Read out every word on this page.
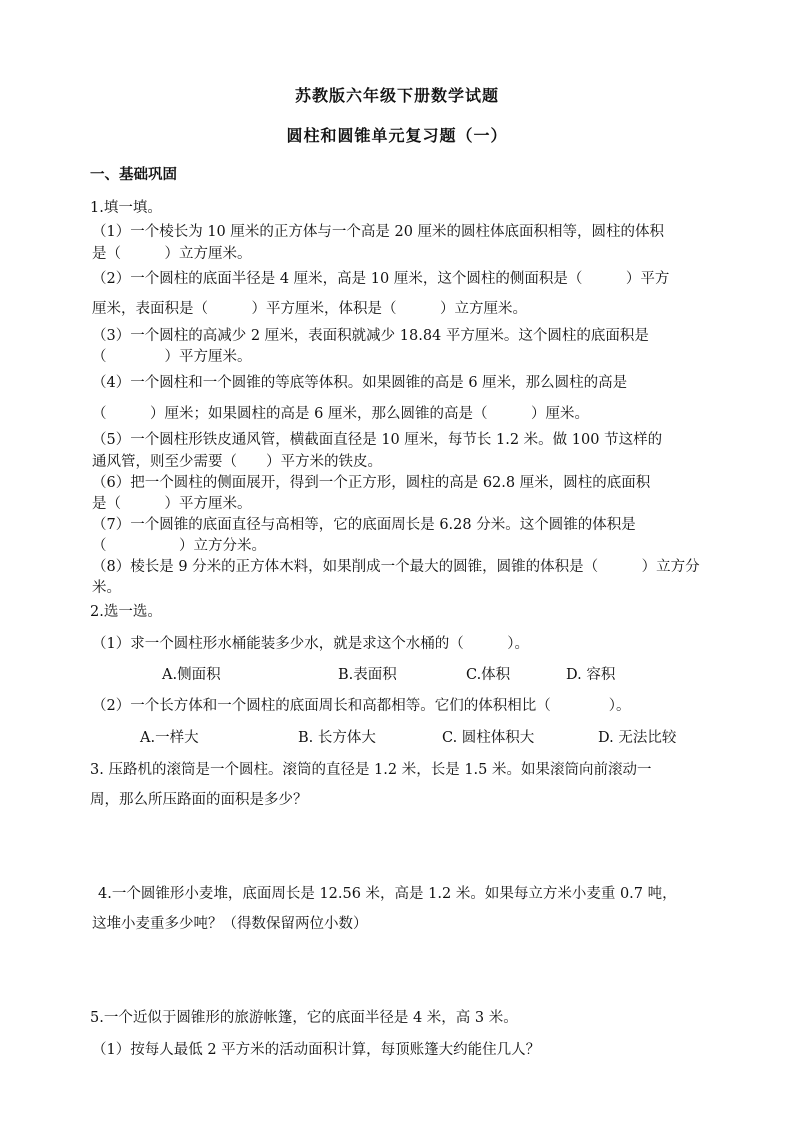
苏教版六年级下册数学试题
圆柱和圆锥单元复习题（一）
一、基础巩固
1.填一填。
（1）一个棱长为 10 厘米的正方体与一个高是 20 厘米的圆柱体底面积相等，圆柱的体积
是（　　　）立方厘米。
（2）一个圆柱的底面半径是 4 厘米，高是 10 厘米，这个圆柱的侧面积是（　　　）平方
厘米，表面积是（　　　）平方厘米，体积是（　　　）立方厘米。
（3）一个圆柱的高减少 2 厘米，表面积就减少 18.84 平方厘米。这个圆柱的底面积是
（　　　　）平方厘米。
（4）一个圆柱和一个圆锥的等底等体积。如果圆锥的高是 6 厘米，那么圆柱的高是
（　　　）厘米；如果圆柱的高是 6 厘米，那么圆锥的高是（　　　）厘米。
（5）一个圆柱形铁皮通风管，横截面直径是 10 厘米，每节长 1.2 米。做 100 节这样的
通风管，则至少需要（　　）平方米的铁皮。
（6）把一个圆柱的侧面展开，得到一个正方形，圆柱的高是 62.8 厘米，圆柱的底面积
是（　　　）平方厘米。
（7）一个圆锥的底面直径与高相等，它的底面周长是 6.28 分米。这个圆锥的体积是
（　　　　　）立方分米。
（8）棱长是 9 分米的正方体木料，如果削成一个最大的圆锥，圆锥的体积是（　　　）立方分
米。
2.选一选。
（1）求一个圆柱形水桶能装多少水，就是求这个水桶的（　　　）。
A.侧面积	B.表面积	C.体积	D. 容积
（2）一个长方体和一个圆柱的底面周长和高都相等。它们的体积相比（　　　　）。
A.一样大	B. 长方体大	C. 圆柱体积大	D. 无法比较
3. 压路机的滚筒是一个圆柱。滚筒的直径是 1.2 米，长是 1.5 米。如果滚筒向前滚动一
周，那么所压路面的面积是多少？
4.一个圆锥形小麦堆，底面周长是 12.56 米，高是 1.2 米。如果每立方米小麦重 0.7 吨，
这堆小麦重多少吨？（得数保留两位小数）
5.一个近似于圆锥形的旅游帐篷，它的底面半径是 4 米，高 3 米。
（1）按每人最低 2 平方米的活动面积计算，每顶账篷大约能住几人？
